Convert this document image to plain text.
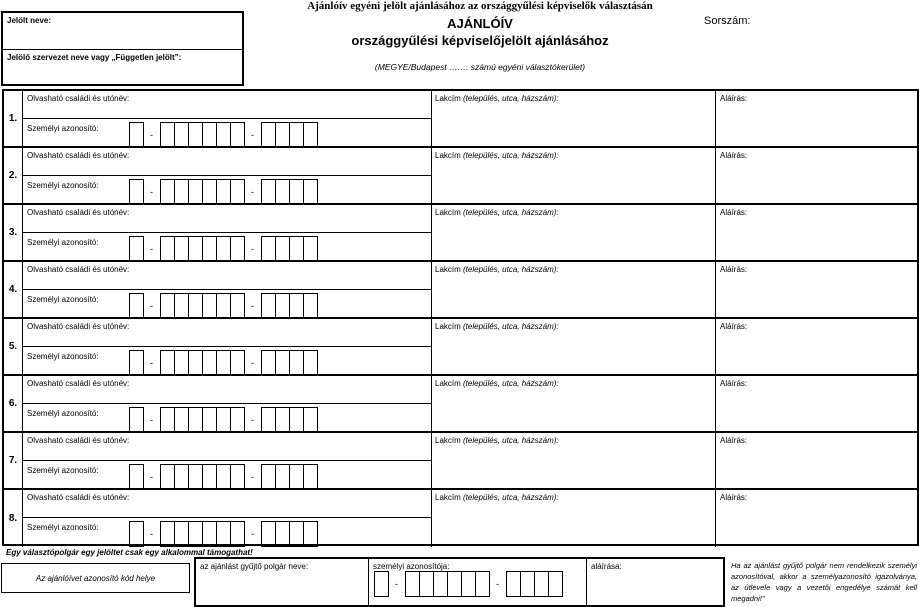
Jelölt neve:
Jelölő szervezet neve vagy „Független jelölt”:
Ajánlóív egyéni jelölt ajánlásához az országgyűlési képviselők választásán
AJÁNLÓÍV
országgyűlési képviselőjelölt ajánlásához
(MEGYE/Budapest ……. számú egyéni választókerület)
Sorszám:
1.
Olvasható családi és utónév:
Személyi azonosító:
-	-
Lakcím (település, utca, házszám):	Aláírás:
2.
Olvasható családi és utónév:
Személyi azonosító:
-	-
Lakcím (település, utca, házszám):	Aláírás:
3.
Olvasható családi és utónév:
Személyi azonosító:
-	-
Lakcím (település, utca, házszám):	Aláírás:
4.
Olvasható családi és utónév:
Személyi azonosító:
-	-
Lakcím (település, utca, házszám):	Aláírás:
5.
Olvasható családi és utónév:
Személyi azonosító:
-	-
Lakcím (település, utca, házszám):	Aláírás:
6.
Olvasható családi és utónév:
Személyi azonosító:
-	-
Lakcím (település, utca, házszám):	Aláírás:
7.
Olvasható családi és utónév:
Személyi azonosító:
-	-
Lakcím (település, utca, házszám):	Aláírás:
8.
Olvasható családi és utónév:
Személyi azonosító:
-	-
Lakcím (település, utca, házszám):	Aláírás:
Egy választópolgár egy jelöltet csak egy alkalommal támogathat!
Az ajánlóívet azonosító kód helye
az ajánlást gyűjtő polgár neve:	személyi azonosítója:
-	-
aláírása:	Ha az ajánlást gyűjtő polgár nem rendelkezik személyi azonosítóval, akkor a személyazonosító igazolványa, az útlevele vagy a vezetői engedélye számát kell megadni!"
